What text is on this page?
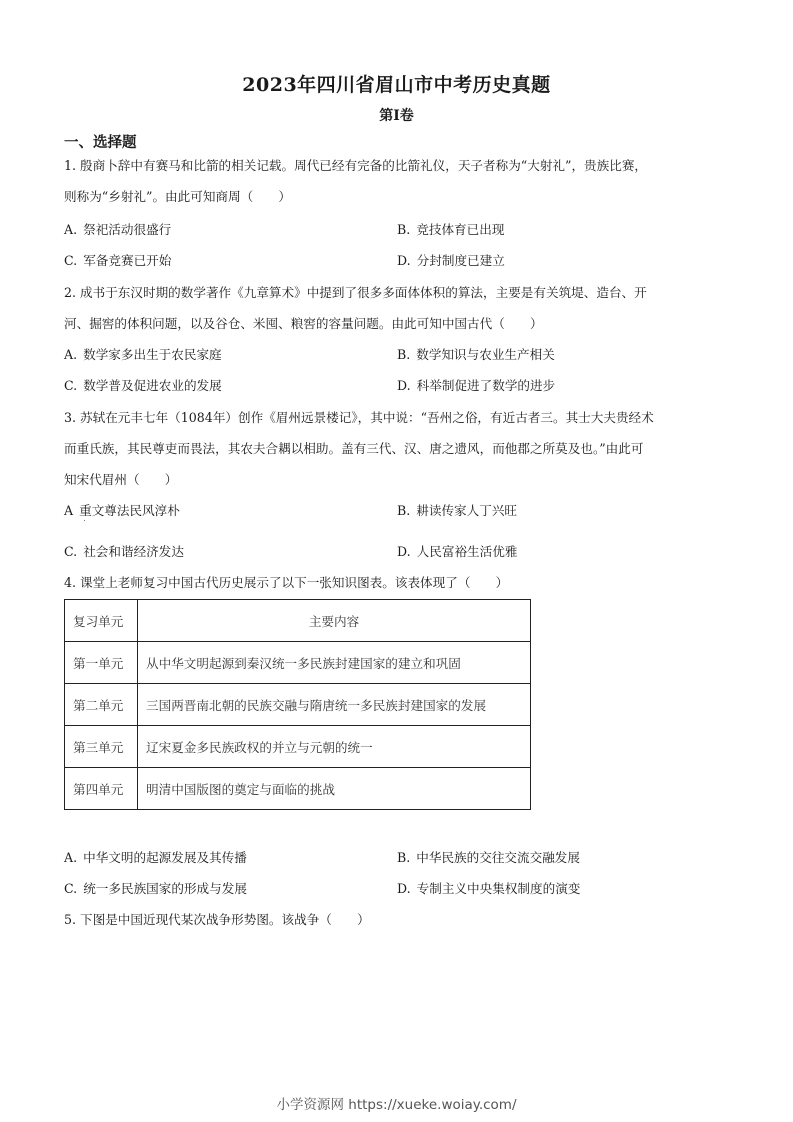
2023年四川省眉山市中考历史真题
第I卷
一、选择题
1. 殷商卜辞中有赛马和比箭的相关记载。周代已经有完备的比箭礼仪，天子者称为“大射礼”，贵族比赛，
则称为“乡射礼”。由此可知商周（　　）
A. 祭祀活动很盛行	B. 竞技体育已出现
C. 军备竞赛已开始	D. 分封制度已建立
2. 成书于东汉时期的数学著作《九章算术》中提到了很多多面体体积的算法，主要是有关筑堤、造台、开
河、掘窖的体积问题，以及谷仓、米囤、粮窖的容量问题。由此可知中国古代（　　）
A. 数学家多出生于农民家庭	B. 数学知识与农业生产相关
C. 数学普及促进农业的发展	D. 科举制促进了数学的进步
3. 苏轼在元丰七年（1084年）创作《眉州远景楼记》，其中说：“吾州之俗，有近古者三。其士大夫贵经术
而重氏族，其民尊吏而畏法，其农夫合耦以相助。盖有三代、汉、唐之遗风，而他郡之所莫及也。”由此可
知宋代眉州（　　）
A 重文尊法民风淳朴	B. 耕读传家人丁兴旺
C. 社会和谐经济发达	D. 人民富裕生活优雅
4. 课堂上老师复习中国古代历史展示了以下一张知识图表。该表体现了（　　）
复习单元	主要内容
第一单元	从中华文明起源到秦汉统一多民族封建国家的建立和巩固
第二单元	三国两晋南北朝的民族交融与隋唐统一多民族封建国家的发展
第三单元	辽宋夏金多民族政权的并立与元朝的统一
第四单元	明清中国版图的奠定与面临的挑战
A. 中华文明的起源发展及其传播	B. 中华民族的交往交流交融发展
C. 统一多民族国家的形成与发展	D. 专制主义中央集权制度的演变
5. 下图是中国近现代某次战争形势图。该战争（　　）
小学资源网 https://xueke.woiay.com/
